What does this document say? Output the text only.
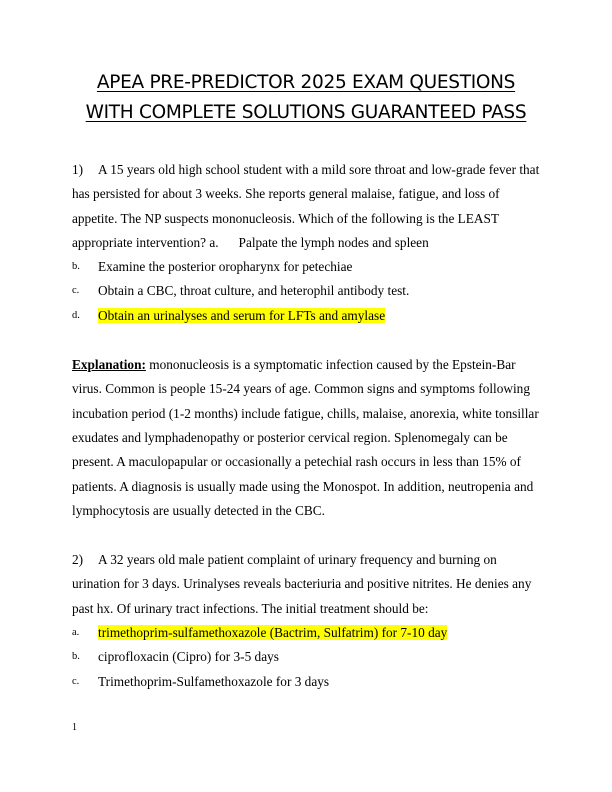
APEA PRE-PREDICTOR 2025 EXAM QUESTIONS
WITH COMPLETE SOLUTIONS GUARANTEED PASS

1) A 15 years old high school student with a mild sore throat and low-grade fever that has persisted for about 3 weeks. She reports general malaise, fatigue, and loss of appetite. The NP suspects mononucleosis. Which of the following is the LEAST appropriate intervention? a. Palpate the lymph nodes and spleen

b. Examine the posterior oropharynx for petechiae

c. Obtain a CBC, throat culture, and heterophil antibody test.

d. Obtain an urinalyses and serum for LFTs and amylase

Explanation: mononucleosis is a symptomatic infection caused by the Epstein-Bar virus. Common is people 15-24 years of age. Common signs and symptoms following incubation period (1-2 months) include fatigue, chills, malaise, anorexia, white tonsillar exudates and lymphadenopathy or posterior cervical region. Splenomegaly can be present. A maculopapular or occasionally a petechial rash occurs in less than 15% of patients. A diagnosis is usually made using the Monospot. In addition, neutropenia and lymphocytosis are usually detected in the CBC.

2) A 32 years old male patient complaint of urinary frequency and burning on urination for 3 days. Urinalyses reveals bacteriuria and positive nitrites. He denies any past hx. Of urinary tract infections. The initial treatment should be:

a. trimethoprim-sulfamethoxazole (Bactrim, Sulfatrim) for 7-10 day

b. ciprofloxacin (Cipro) for 3-5 days

c. Trimethoprim-Sulfamethoxazole for 3 days

1
